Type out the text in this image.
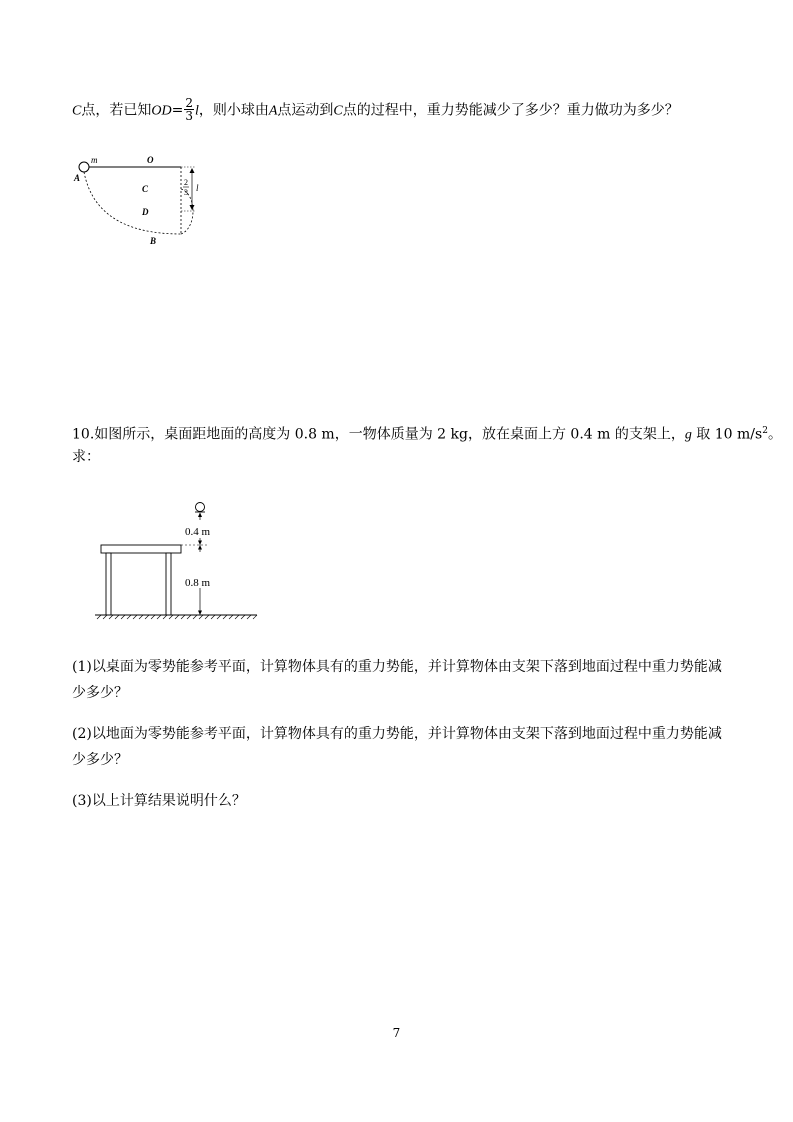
C点，若已知$OD= \frac{2}{3}$ l，则小球由A点运动到C点的过程中，重力势能减少了多少？重力做功为多少？
m
A
O
C
D
B
2
3 l
10.如图所示，桌面距地面的高度为 0.8 m，一物体质量为 2 kg，放在桌面上方 0.4 m 的支架上，g 取 10 $m/s^2$。
求：
0.4 m
0.8 m
(1)以桌面为零势能参考平面，计算物体具有的重力势能，并计算物体由支架下落到地面过程中重力势能减
少多少？
(2)以地面为零势能参考平面，计算物体具有的重力势能，并计算物体由支架下落到地面过程中重力势能减
少多少？
(3)以上计算结果说明什么？
7
